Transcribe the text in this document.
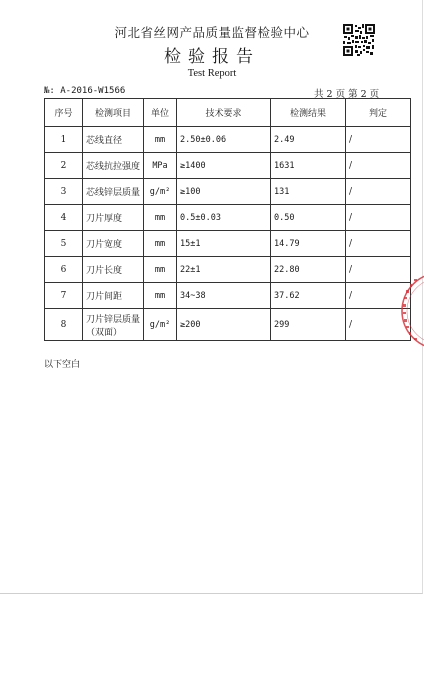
河北省丝网产品质量监督检验中心
检验报告
Test Report
№: A-2016-W1566	共 2 页 第 2 页
序号	检测项目	单位	技术要求	检测结果	判定
1	芯线直径	mm	2.50±0.06	2.49	/
2	芯线抗拉强度	MPa	≥1400	1631	/
3	芯线锌层质量	g/m²	≥100	131	/
4	刀片厚度	mm	0.5±0.03	0.50	/
5	刀片宽度	mm	15±1	14.79	/
6	刀片长度	mm	22±1	22.80	/
7	刀片间距	mm	34~38	37.62	/
8	刀片锌层质量（双面）	g/m²	≥200	299	/
以下空白
